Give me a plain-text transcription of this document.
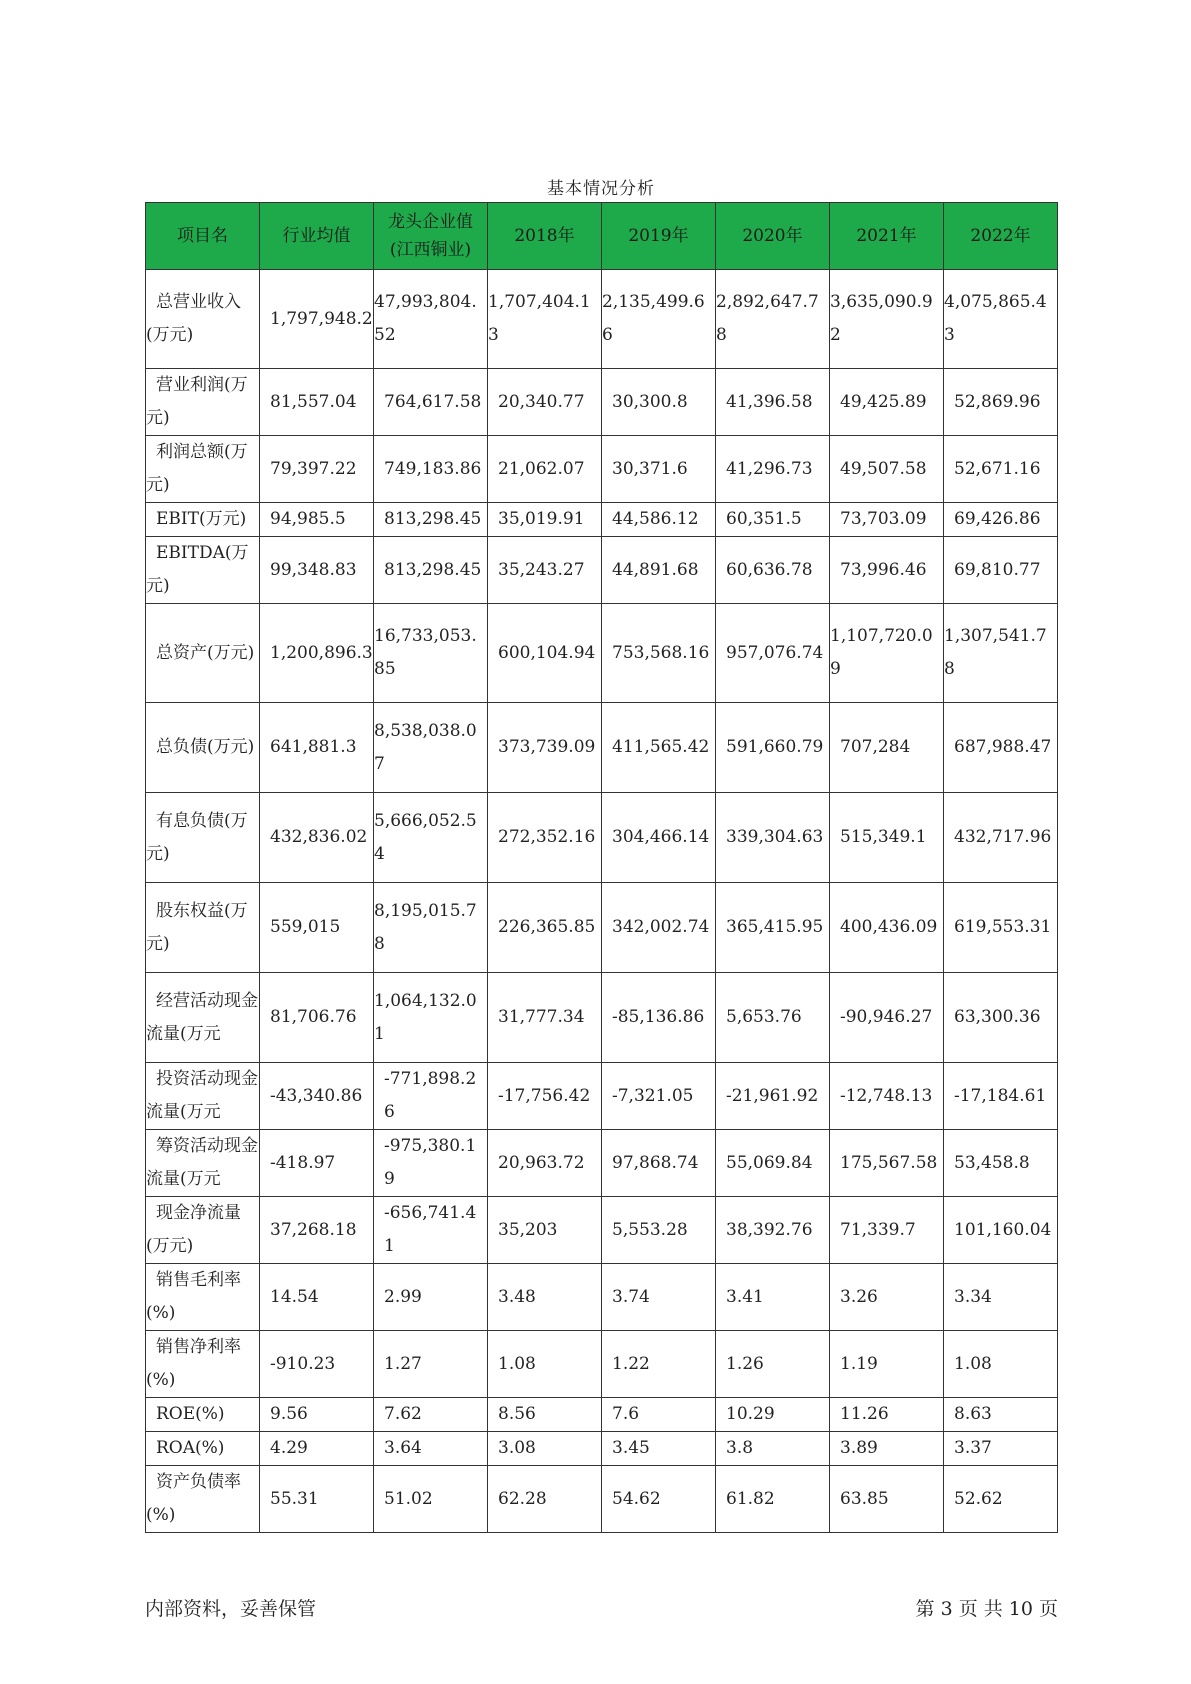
基本情况分析
项目名	行业均值	龙头企业值(江西铜业)	2018年	2019年	2020年	2021年	2022年
总营业收入(万元)	1,797,948.2	47,993,804.52	1,707,404.13	2,135,499.66	2,892,647.78	3,635,090.92	4,075,865.43
营业利润(万元)	81,557.04	764,617.58	20,340.77	30,300.8	41,396.58	49,425.89	52,869.96
利润总额(万元)	79,397.22	749,183.86	21,062.07	30,371.6	41,296.73	49,507.58	52,671.16
EBIT(万元)	94,985.5	813,298.45	35,019.91	44,586.12	60,351.5	73,703.09	69,426.86
EBITDA(万元)	99,348.83	813,298.45	35,243.27	44,891.68	60,636.78	73,996.46	69,810.77
总资产(万元)	1,200,896.3	16,733,053.85	600,104.94	753,568.16	957,076.74	1,107,720.09	1,307,541.78
总负债(万元)	641,881.3	8,538,038.07	373,739.09	411,565.42	591,660.79	707,284	687,988.47
有息负债(万元)	432,836.02	5,666,052.54	272,352.16	304,466.14	339,304.63	515,349.1	432,717.96
股东权益(万元)	559,015	8,195,015.78	226,365.85	342,002.74	365,415.95	400,436.09	619,553.31
经营活动现金流量(万元	81,706.76	1,064,132.01	31,777.34	-85,136.86	5,653.76	-90,946.27	63,300.36
投资活动现金流量(万元	-43,340.86	-771,898.26	-17,756.42	-7,321.05	-21,961.92	-12,748.13	-17,184.61
筹资活动现金流量(万元	-418.97	-975,380.19	20,963.72	97,868.74	55,069.84	175,567.58	53,458.8
现金净流量(万元)	37,268.18	-656,741.41	35,203	5,553.28	38,392.76	71,339.7	101,160.04
销售毛利率(%)	14.54	2.99	3.48	3.74	3.41	3.26	3.34
销售净利率(%)	-910.23	1.27	1.08	1.22	1.26	1.19	1.08
ROE(%)	9.56	7.62	8.56	7.6	10.29	11.26	8.63
ROA(%)	4.29	3.64	3.08	3.45	3.8	3.89	3.37
资产负债率(%)	55.31	51.02	62.28	54.62	61.82	63.85	52.62
内部资料，妥善保管	第 3 页 共 10 页
